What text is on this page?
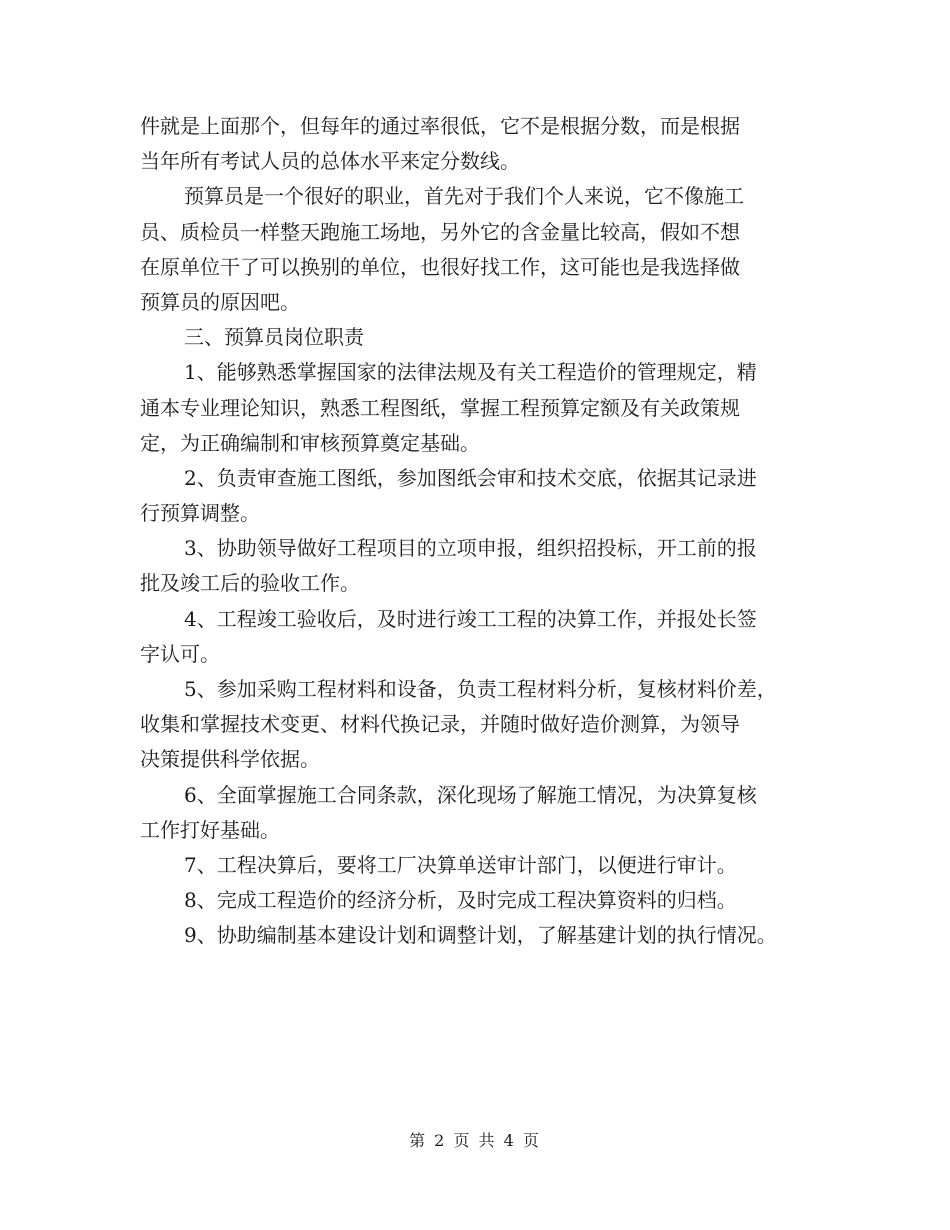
件就是上面那个，但每年的通过率很低，它不是根据分数，而是根据
当年所有考试人员的总体水平来定分数线。

预算员是一个很好的职业，首先对于我们个人来说，它不像施工
员、质检员一样整天跑施工场地，另外它的含金量比较高，假如不想
在原单位干了可以换别的单位，也很好找工作，这可能也是我选择做
预算员的原因吧。

三、预算员岗位职责

1、能够熟悉掌握国家的法律法规及有关工程造价的管理规定，精
通本专业理论知识，熟悉工程图纸，掌握工程预算定额及有关政策规
定，为正确编制和审核预算奠定基础。

2、负责审查施工图纸，参加图纸会审和技术交底，依据其记录进
行预算调整。

3、协助领导做好工程项目的立项申报，组织招投标，开工前的报
批及竣工后的验收工作。

4、工程竣工验收后，及时进行竣工工程的决算工作，并报处长签
字认可。

5、参加采购工程材料和设备，负责工程材料分析，复核材料价差，
收集和掌握技术变更、材料代换记录，并随时做好造价测算，为领导
决策提供科学依据。

6、全面掌握施工合同条款，深化现场了解施工情况，为决算复核
工作打好基础。

7、工程决算后，要将工厂决算单送审计部门，以便进行审计。

8、完成工程造价的经济分析，及时完成工程决算资料的归档。

9、协助编制基本建设计划和调整计划，了解基建计划的执行情况。

第 2 页 共 4 页
